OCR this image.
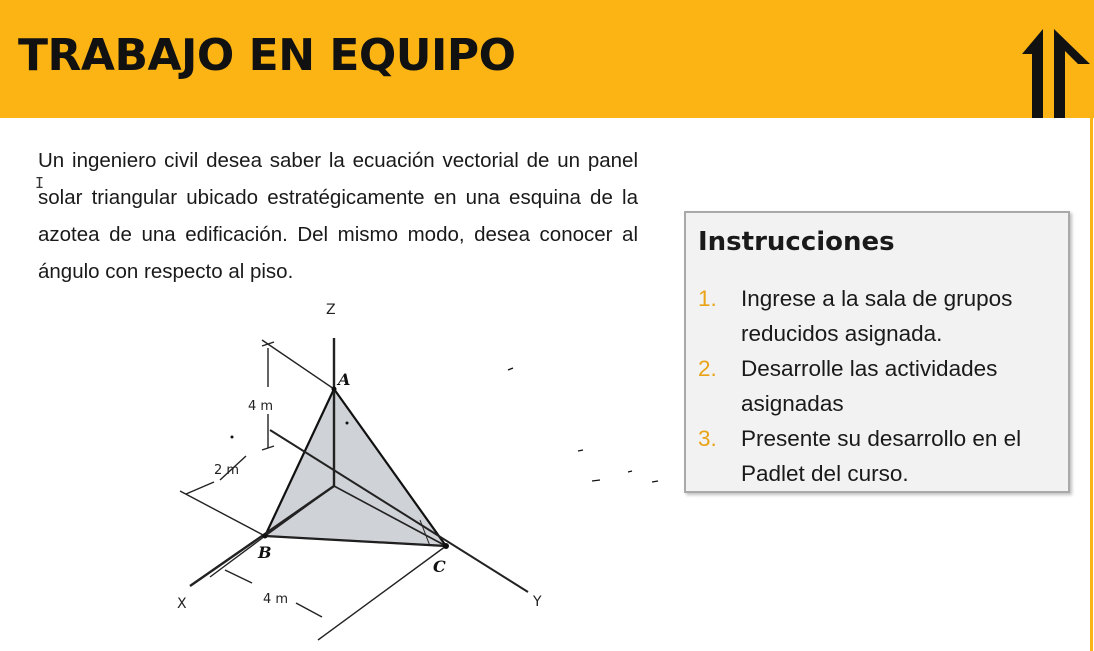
TRABAJO EN EQUIPO
Un ingeniero civil desea saber la ecuación vectorial de un panel solar triangular ubicado estratégicamente en una esquina de la azotea de una edificación. Del mismo modo, desea conocer al ángulo con respecto al piso.
I
Z
X	Y
4 m
2 m
4 m
A
B
C
Instrucciones
1. Ingrese a la sala de grupos reducidos asignada.
2. Desarrolle las actividades asignadas
3. Presente su desarrollo en el Padlet del curso.
